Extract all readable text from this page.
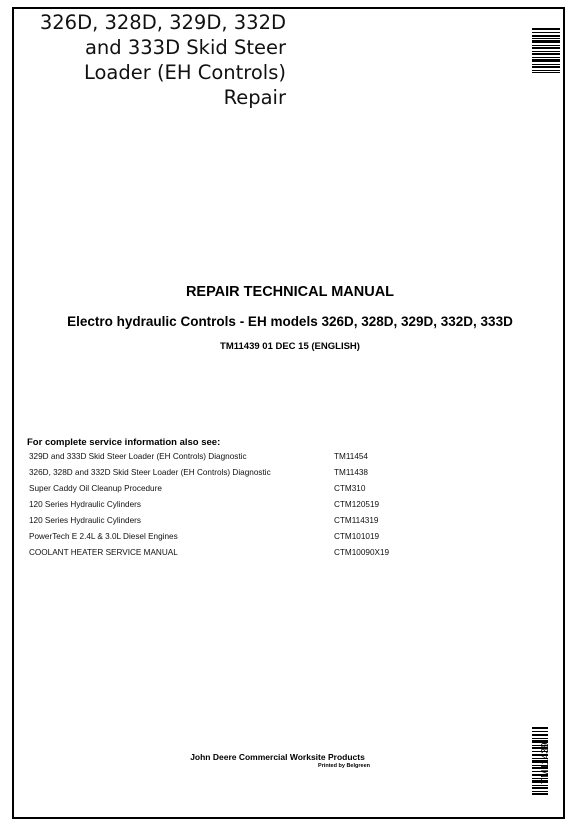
326D, 328D, 329D, 332D
and 333D Skid Steer
Loader (EH Controls)
Repair
REPAIR TECHNICAL MANUAL
Electro hydraulic Controls - EH models 326D, 328D, 329D, 332D, 333D
TM11439 01 DEC 15 (ENGLISH)
For complete service information also see:
329D and 333D Skid Steer Loader (EH Controls) Diagnostic	TM11454
326D, 328D and 332D Skid Steer Loader (EH Controls) Diagnostic	TM11438
Super Caddy Oil Cleanup Procedure	CTM310
120 Series Hydraulic Cylinders	CTM120519
120 Series Hydraulic Cylinders	CTM114319
PowerTech E 2.4L & 3.0L Diesel Engines	CTM101019
COOLANT HEATER SERVICE MANUAL	CTM10090X19
John Deere Commercial Worksite Products
Printed by Belgreen	TM11439
